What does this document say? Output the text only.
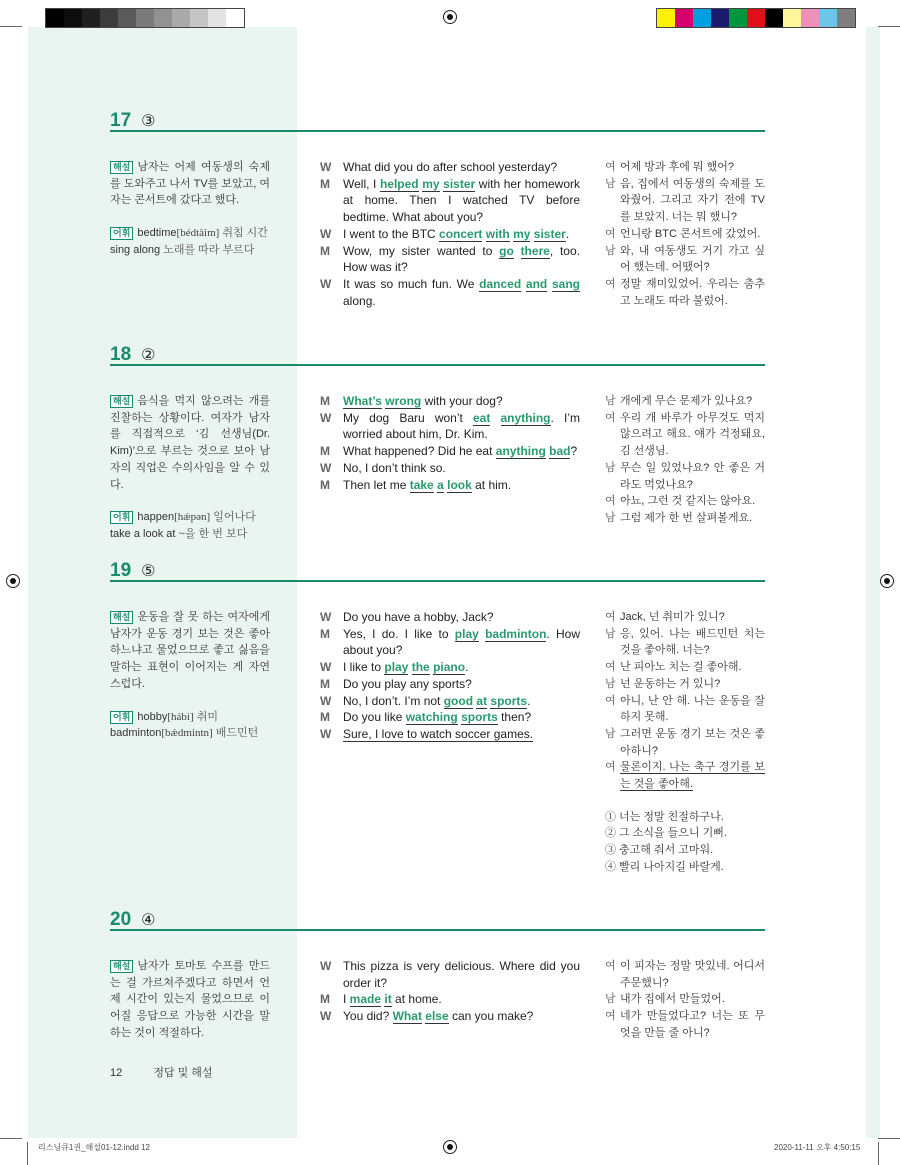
17 ③
해설 남자는 어제 여동생의 숙제를 도와주고 나서 TV를 보았고, 여자는 콘서트에 갔다고 했다.
어휘 bedtime[bédtàim] 취침 시간
sing along 노래를 따라 부르다
W What did you do after school yesterday?
M	Well, I helped my sister with her homework at home. Then I watched TV before bedtime. What about you?
W I went to the BTC concert with my sister.
M	Wow, my sister wanted to go there, too. How was it?
W It was so much fun. We danced and sang along.
여 어제 방과 후에 뭐 했어?
남 음, 집에서 여동생의 숙제를 도와줬어. 그리고 자기 전에 TV를 보았지. 너는 뭐 했니?
여 언니랑 BTC 콘서트에 갔었어.
남 와, 내 여동생도 거기 가고 싶어 했는데. 어땠어?
여 정말 재미있었어. 우리는 춤추고 노래도 따라 불렀어.
18 ②
해설 음식을 먹지 않으려는 개를 진찰하는 상황이다. 여자가 남자를 직접적으로 ‘김 선생님(Dr. Kim)’으로 부르는 것으로 보아 남자의 직업은 수의사임을 알 수 있다.
어휘 happen[hǽpən] 일어나다
take a look at ~을 한 번 보다
M	What’s wrong with your dog?
W My dog Baru won’t eat anything. I’m worried about him, Dr. Kim.
M	What happened? Did he eat anything bad?
W No, I don’t think so.
M	Then let me take a look at him.
남 개에게 무슨 문제가 있나요?
여 우리 개 바루가 아무것도 먹지 않으려고 해요. 얘가 걱정돼요, 김 선생님.
남 무슨 일 있었나요? 안 좋은 거라도 먹었나요?
여 아뇨, 그런 것 같지는 않아요.
남 그럼 제가 한 번 살펴볼게요.
19 ⑤
해설 운동을 잘 못 하는 여자에게 남자가 운동 경기 보는 것은 좋아하느냐고 물었으므로 좋고 싫음을 말하는 표현이 이어지는 게 자연스럽다.
어휘 hobby[hábi] 취미
badminton[bǽdmintn] 배드민턴
W Do you have a hobby, Jack?
M	Yes, I do. I like to play badminton. How about you?
W I like to play the piano.
M	Do you play any sports?
W No, I don’t. I’m not good at sports.
M	Do you like watching sports then?
W Sure, I love to watch soccer games.
여 Jack, 넌 취미가 있니?
남 응, 있어. 나는 배드민턴 치는 것을 좋아해. 너는?
여 난 피아노 치는 걸 좋아해.
남 넌 운동하는 거 있니?
여 아니, 난 안 해. 나는 운동을 잘하지 못해.
남 그러면 운동 경기 보는 것은 좋아하니?
여 물론이지. 나는 축구 경기를 보는 것을 좋아해.
① 너는 정말 친절하구나.
② 그 소식을 들으니 기뻐.
③ 충고해 줘서 고마워.
④ 빨리 나아지길 바랄게.
20 ④
해설 남자가 토마토 수프를 만드는 걸 가르쳐주겠다고 하면서 언제 시간이 있는지 물었으므로 이어질 응답으로 가능한 시간을 말하는 것이 적절하다.
W This pizza is very delicious. Where did you order it?
M	I made it at home.
W You did? What else can you make?
여 이 피자는 정말 맛있네. 어디서 주문했니?
남 내가 집에서 만들었어.
여 네가 만들었다고? 너는 또 무엇을 만들 줄 아니?
12	정답 및 해설
리스닝큐1권_해설01-12.indd 12	2020-11-11 오후 4:50:15
